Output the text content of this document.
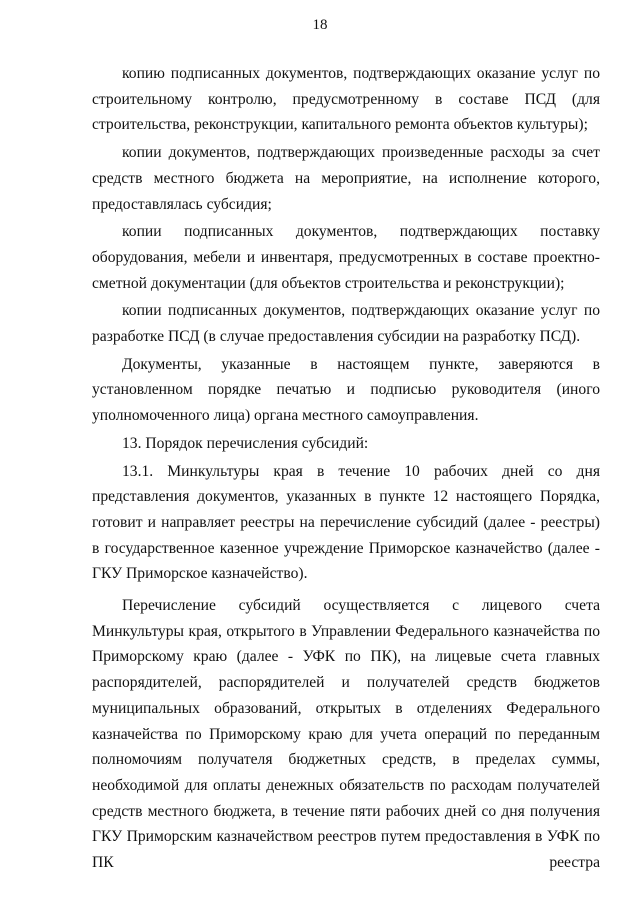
18

копию подписанных документов, подтверждающих оказание услуг по строительному контролю, предусмотренному в составе ПСД (для строительства, реконструкции, капитального ремонта объектов культуры);

копии документов, подтверждающих произведенные расходы за счет средств местного бюджета на мероприятие, на исполнение которого, предоставлялась субсидия;

копии подписанных документов, подтверждающих поставку оборудования, мебели и инвентаря, предусмотренных в составе проектно-сметной документации (для объектов строительства и реконструкции);

копии подписанных документов, подтверждающих оказание услуг по разработке ПСД (в случае предоставления субсидии на разработку ПСД).

Документы, указанные в настоящем пункте, заверяются в установленном порядке печатью и подписью руководителя (иного уполномоченного лица) органа местного самоуправления.

13. Порядок перечисления субсидий:

13.1. Минкультуры края в течение 10 рабочих дней со дня представления документов, указанных в пункте 12 настоящего Порядка, готовит и направляет реестры на перечисление субсидий (далее - реестры) в государственное казенное учреждение Приморское казначейство (далее - ГКУ Приморское казначейство).

Перечисление субсидий осуществляется с лицевого счета Минкультуры края, открытого в Управлении Федерального казначейства по Приморскому краю (далее - УФК по ПК), на лицевые счета главных распорядителей, распорядителей и получателей средств бюджетов муниципальных образований, открытых в отделениях Федерального казначейства по Приморскому краю для учета операций по переданным полномочиям получателя бюджетных средств, в пределах суммы, необходимой для оплаты денежных обязательств по расходам получателей средств местного бюджета, в течение пяти рабочих дней со дня получения ГКУ Приморским казначейством реестров путем предоставления в УФК по ПК реестра
